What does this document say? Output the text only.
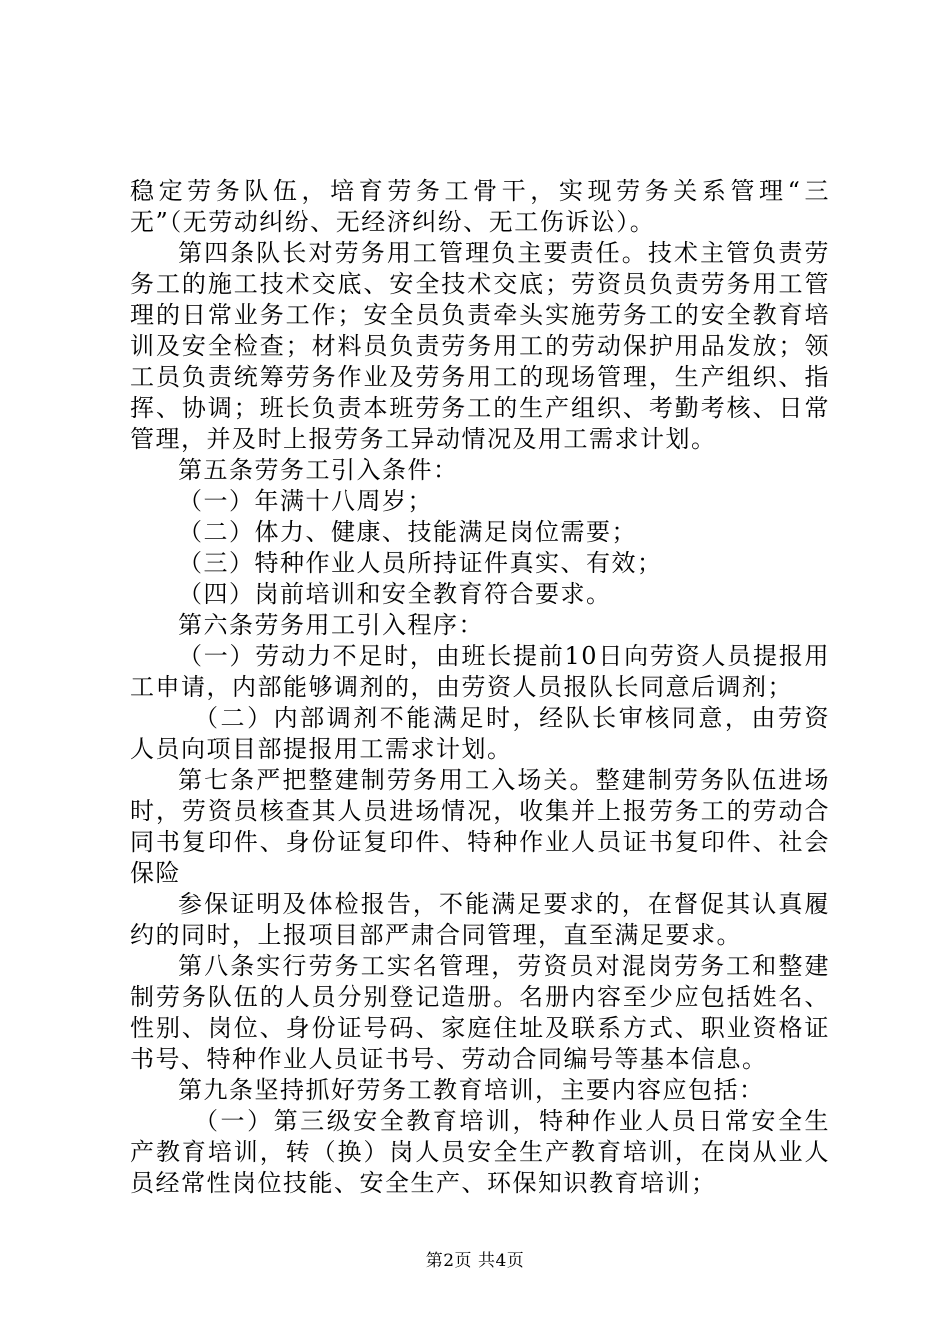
稳定劳务队伍，培育劳务工骨干，实现劳务关系管理“三无”（无劳动纠纷、无经济纠纷、无工伤诉讼）。

第四条队长对劳务用工管理负主要责任。技术主管负责劳务工的施工技术交底、安全技术交底；劳资员负责劳务用工管理的日常业务工作；安全员负责牵头实施劳务工的安全教育培训及安全检查；材料员负责劳务用工的劳动保护用品发放；领工员负责统筹劳务作业及劳务用工的现场管理，生产组织、指挥、协调；班长负责本班劳务工的生产组织、考勤考核、日常管理，并及时上报劳务工异动情况及用工需求计划。

第五条劳务工引入条件：

（一）年满十八周岁；

（二）体力、健康、技能满足岗位需要；

（三）特种作业人员所持证件真实、有效；

（四）岗前培训和安全教育符合要求。

第六条劳务用工引入程序：

（一）劳动力不足时，由班长提前10日向劳资人员提报用工申请，内部能够调剂的，由劳资人员报队长同意后调剂；

（二）内部调剂不能满足时，经队长审核同意，由劳资人员向项目部提报用工需求计划。

第七条严把整建制劳务用工入场关。整建制劳务队伍进场时，劳资员核查其人员进场情况，收集并上报劳务工的劳动合同书复印件、身份证复印件、特种作业人员证书复印件、社会保险

参保证明及体检报告，不能满足要求的，在督促其认真履约的同时，上报项目部严肃合同管理，直至满足要求。

第八条实行劳务工实名管理，劳资员对混岗劳务工和整建制劳务队伍的人员分别登记造册。名册内容至少应包括姓名、性别、岗位、身份证号码、家庭住址及联系方式、职业资格证书号、特种作业人员证书号、劳动合同编号等基本信息。

第九条坚持抓好劳务工教育培训，主要内容应包括：

（一）第三级安全教育培训，特种作业人员日常安全生产教育培训，转（换）岗人员安全生产教育培训，在岗从业人员经常性岗位技能、安全生产、环保知识教育培训；

第2页 共4页
